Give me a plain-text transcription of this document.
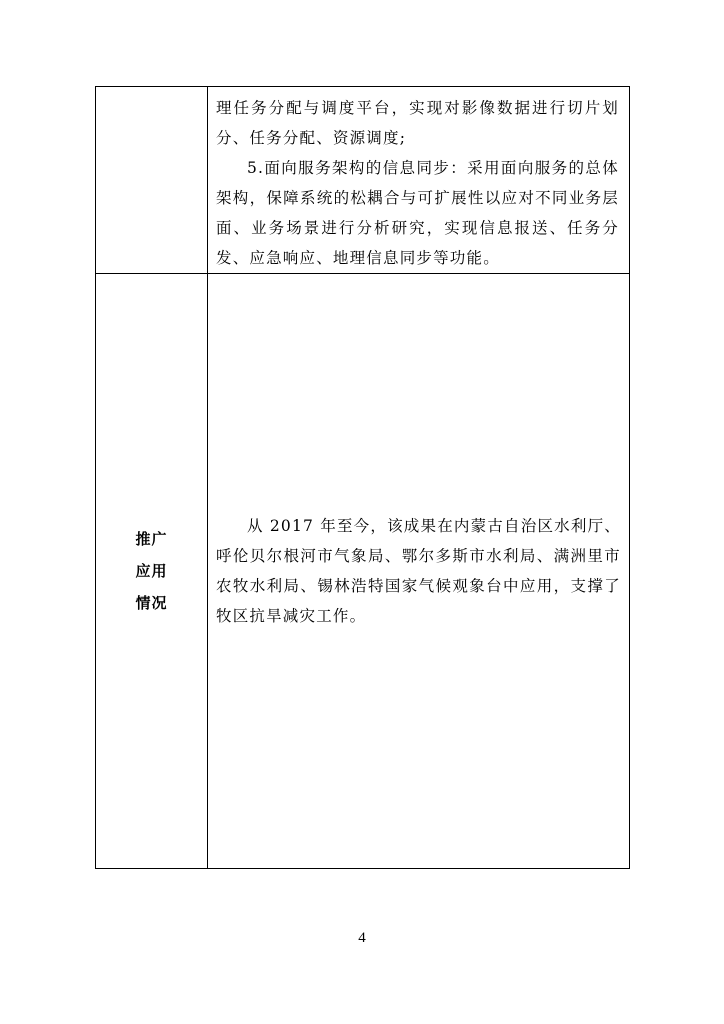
	理任务分配与调度平台，实现对影像数据进行切片划分、任务分配、资源调度;

5.面向服务架构的信息同步：采用面向服务的总体架构，保障系统的松耦合与可扩展性以应对不同业务层面、业务场景进行分析研究，实现信息报送、任务分发、应急响应、地理信息同步等功能。

推广
应用
情况	从 2017 年至今，该成果在内蒙古自治区水利厅、呼伦贝尔根河市气象局、鄂尔多斯市水利局、满洲里市农牧水利局、锡林浩特国家气候观象台中应用，支撑了牧区抗旱减灾工作。

4
